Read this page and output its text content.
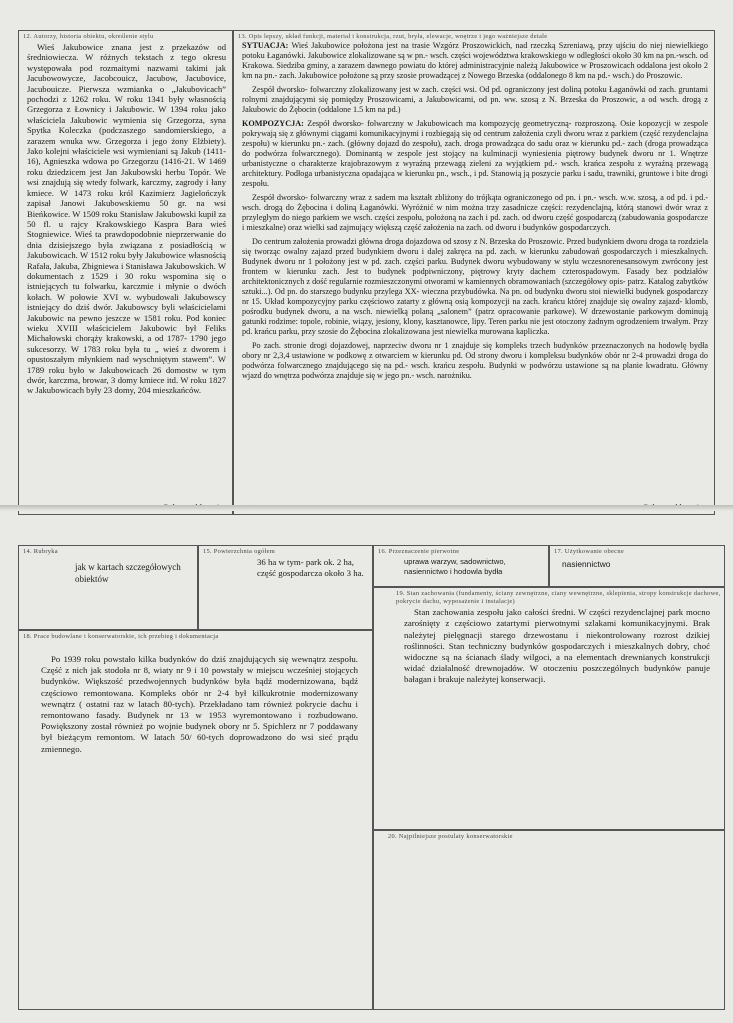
12. Autorzy, historia obiektu, określenie stylu

Wieś Jakubowice znana jest z przekazów od średniowiecza. W różnych tekstach z tego okresu występowała pod rozmaitymi nazwami takimi jak Jacubowowycze, Jacobcouicz, Jacubow, Jacubovice, Jacubouicze. Pierwsza wzmianka o „Jakubovicach” pochodzi z 1262 roku. W roku 1341 były własnością Grzegorza z Łownicy i Jakubowic. W 1394 roku jako właściciela Jakubowic wymienia się Grzegorza, syna Spytka Koleczka (podczaszego sandomierskiego, a zarazem wnuka ww. Grzegorza i jego żony Elżbiety). Jako kolejni właściciele wsi wymieniani są Jakub (1411-16), Agnieszka wdowa po Grzegorzu (1416-21. W 1469 roku dziedzicem jest Jan Jakubowski herbu Topór. We wsi znajdują się wtedy folwark, karczmy, zagrody i łany kmiece. W 1473 roku król Kazimierz Jagielończyk zapisał Janowi Jakubowskiemu 50 gr. na wsi Bieńkowice. W 1509 roku Stanisław Jakubowski kupił za 50 fl. u rajcy Krakowskiego Kaspra Bara wieś Stogniewice. Wieś ta prawdopodobnie nieprzerwanie do dnia dzisiejszego była związana z posiadłością w Jakubowicach. W 1512 roku były Jakubowice własnością Rafała, Jakuba, Zbigniewa i Stanisława Jakubowskich. W dokumentach z 1529 i 30 roku wspomina się o istniejących tu folwarku, karczmie i młynie o dwóch kołach. W połowie XVI w. wybudowali Jakubowscy istniejący do dziś dwór. Jakubowscy byli właścicielami Jakubowic na pewno jeszcze w 1581 roku. Pod koniec wieku XVIII właścicielem Jakubowic był Feliks Michałowski chorąży krakowski, a od 1787- 1790 jego sukcesorzy. W 1783 roku była tu „ wieś z dworem i opustoszałym młynkiem nad wyschniętym stawem”. W 1789 roku było w Jakubowicach 26 domostw w tym dwór, karczma, browar, 3 domy kmiece itd. W roku 1827 w Jakubowicach były 23 domy, 204 mieszkańców.

13. Opis lepszy, układ funkcji, materiał i konstrukcja, rzut, bryła, elewacje, wnętrze i jego ważniejsze detale

SYTUACJA: Wieś Jakubowice położona jest na trasie Wzgórz Proszowickich, nad rzeczką Szreniawą, przy ujściu do niej niewielkiego potoku Łaganówki. Jakubowice zlokalizowane są w pn.- wsch. części województwa krakowskiego w odległości około 30 km na pn.-wsch. od Krakowa. Siedziba gminy, a zarazem dawnego powiatu do której administracyjnie należą Jakubowice w Proszowicach oddalona jest około 2 km na pn.- zach. Jakubowice położone są przy szosie prowadzącej z Nowego Brzeska (oddalonego 8 km na pd.- wsch.) do Proszowic.

Zespół dworsko- folwarczny zlokalizowany jest w zach. części wsi. Od pd. ograniczony jest doliną potoku Łaganówki od zach. gruntami rolnymi znajdującymi się pomiędzy Proszowicami, a Jakubowicami, od pn. ww. szosą z N. Brzeska do Proszowic, a od wsch. drogą z Jakubowic do Żębocin (oddalone 1.5 km na pd.)

KOMPOZYCJA: Zespół dworsko- folwarczny w Jakubowicach ma kompozycję geometryczną- rozproszoną. Osie kopozycji w zespole pokrywają się z głównymi ciągami komunikacyjnymi i rozbiegają się od centrum założenia czyli dworu wraz z parkiem (część rezydenclajna zespołu) w kierunku pn.- zach. (główny dojazd do zespołu), zach. droga prowadząca do sadu oraz w kierunku pd.- zach (droga prowadząca do podwórza folwarcznego). Dominantą w zespole jest stojący na kulminacji wyniesienia piętrowy budynek dworu nr 1. Wnętrze urbanistyczne o charakterze krajobrazowym z wyraźną przewagą zieleni za wyjątkiem pd.- wsch. krańca zespołu z wyraźną przewagą architektury. Podłoga urbanistyczna opadająca w kierunku pn., wsch., i pd. Stanowią ją poszycie parku i sadu, trawniki, gruntowe i bite drogi zespołu.

Zespół dworsko- folwarczny wraz z sadem ma kształt zbliżony do trójkąta ograniczonego od pn. i pn.- wsch. w.w. szosą, a od pd. i pd.- wsch. drogą do Żębocina i doliną Łaganówki. Wyróżnić w nim można trzy zasadnicze części: rezydenclajną, którą stanowi dwór wraz z przyległym do niego parkiem we wsch. części zespołu, położoną na zach i pd. zach. od dworu część gospodarczą (zabudowania gospodarcze i mieszkalne) oraz wielki sad zajmujący większą część założenia na zach. od dworu i budynków gospodarczych.

Do centrum założenia prowadzi główna droga dojazdowa od szosy z N. Brzeska do Proszowic. Przed budynkiem dworu droga ta rozdziela się tworząc owalny zajazd przed budynkiem dworu i dalej zakręca na pd. zach. w kierunku zabudowań gospodarczych i mieszkalnych. Budynek dworu nr 1 położony jest w pd. zach. części parku. Budynek dworu wybudowany w stylu wczesnorenesansowym zwrócony jest frontem w kierunku zach. Jest to budynek podpiwniczony, piętrowy kryty dachem czterospadowym. Fasady bez podziałów architektonicznych z dość regularnie rozmieszczonymi otworami w kamiennych obramowaniach (szczegółowy opis- patrz. Katalog zabytków sztuki...). Od pn. do starszego budynku przylega XX- wieczna przybudówka. Na pn. od budynku dworu stoi niewielki budynek gospodarczy nr 15. Układ kompozycyjny parku częściowo zatarty z główną osią kompozycji na zach. krańcu której znajduje się owalny zajazd- klomb, pośrodku budynek dworu, a na wsch. niewielką polaną „salonem” (patrz opracowanie parkowe). W drzewostanie parkowym dominują gatunki rodzime: topole, robinie, wiązy, jesiony, klony, kasztanowce, lipy. Teren parku nie jest otoczony żadnym ogrodzeniem trwałym. Przy pd. krańcu parku, przy szosie do Żębocina zlokalizowana jest niewielka murowana kapliczka.

Po zach. stronie drogi dojazdowej, naprzeciw dworu nr 1 znajduje się kompleks trzech budynków przeznaczonych na hodowlę bydła obory nr 2,3,4 ustawione w podkowę z otwarciem w kierunku pd. Od strony dworu i kompleksu budynków obór nr 2-4 prowadzi droga do podwórza folwarcznego znajdującego się na pd.- wsch. krańcu zespołu. Budynki w podwórzu ustawione są na planie kwadratu. Główny wjazd do wnętrza podwórza znajduje się w jego pn.- wsch. narożniku.

14. Rubryka
jak w kartach szczegółowych obiektów
15. Powierzchnia ogółem
36 ha w tym- park ok. 2 ha, część gospodarcza około 3 ha.
16. Przeznaczenie pierwotne
uprawa warzyw, sadownictwo, nasiennictwo i hodowla bydła
17. Użytkowanie obecne
nasiennictwo
18. Prace budowlane i konserwatorskie, ich przebieg i dokumentacja

Po 1939 roku powstało kilka budynków do dziś znajdujących się wewnątrz zespołu. Część z nich jak stodoła nr 8, wiaty nr 9 i 10 powstały w miejscu wcześniej stojących budynków. Większość przedwojennych budynków była bądź modernizowana, bądź częściowo remontowana. Kompleks obór nr 2-4 był kilkukrotnie modernizowany wewnątrz ( ostatni raz w latach 80-tych). Przekładano tam również pokrycie dachu i remontowano fasady. Budynek nr 13 w 1953 wyremontowano i rozbudowano. Powiększony został również po wojnie budynek obory nr 5. Spichlerz nr 7 poddawany był bieżącym remontom. W latach 50/ 60-tych doprowadzono do wsi sieć prądu zmiennego.

19. Stan zachowania (fundamenty, ściany zewnętrzne, ciany wewnętrzne, sklepienia, stropy konstrukcje dachowe, pokrycie dachu, wyposażenie i instalacje)

Stan zachowania zespołu jako całości średni. W części rezydenclajnej park mocno zarośnięty z częściowo zatartymi pierwotnymi szlakami komunikacyjnymi. Brak należytej pielęgnacji starego drzewostanu i niekontrolowany rozrost dzikiej roślinności. Stan techniczny budynków gospodarczych i mieszkalnych dobry, choć widoczne są na ścianach ślady wilgoci, a na elementach drewnianych konstrukcji widać działalność drewnojadów. W otoczeniu poszczególnych budynków panuje bałagan i brakuje należytej konserwacji.

20. Najpilniejsze postulaty konserwatorskie
